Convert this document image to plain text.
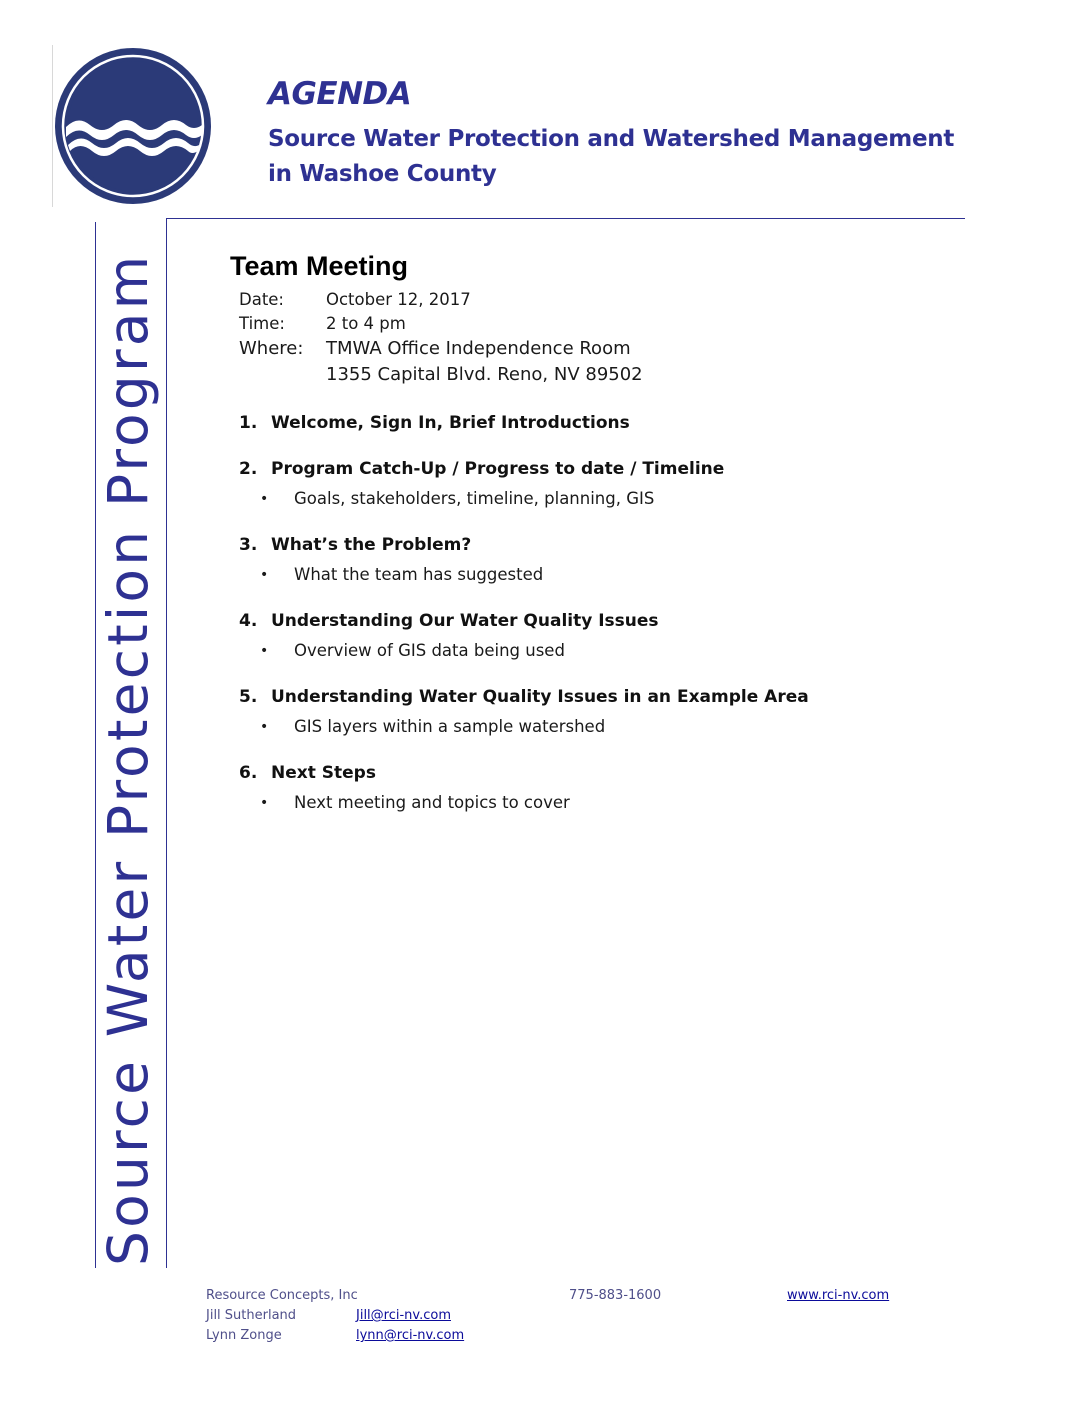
AGENDA
Source Water Protection and Watershed Management in Washoe County
Source Water Protection Program	Team Meeting
Date:	October 12, 2017
Time:	2 to 4 pm
Where:	TMWA Office Independence Room
1355 Capital Blvd. Reno, NV 89502
1. Welcome, Sign In, Brief Introductions
2. Program Catch-Up / Progress to date / Timeline
• Goals, stakeholders, timeline, planning, GIS
3. What’s the Problem?
• What the team has suggested
4. Understanding Our Water Quality Issues
• Overview of GIS data being used
5. Understanding Water Quality Issues in an Example Area
• GIS layers within a sample watershed
6. Next Steps
• Next meeting and topics to cover
Resource Concepts, Inc	775-883-1600	www.rci-nv.com
Jill Sutherland	Jill@rci-nv.com
Lynn Zonge	lynn@rci-nv.com
